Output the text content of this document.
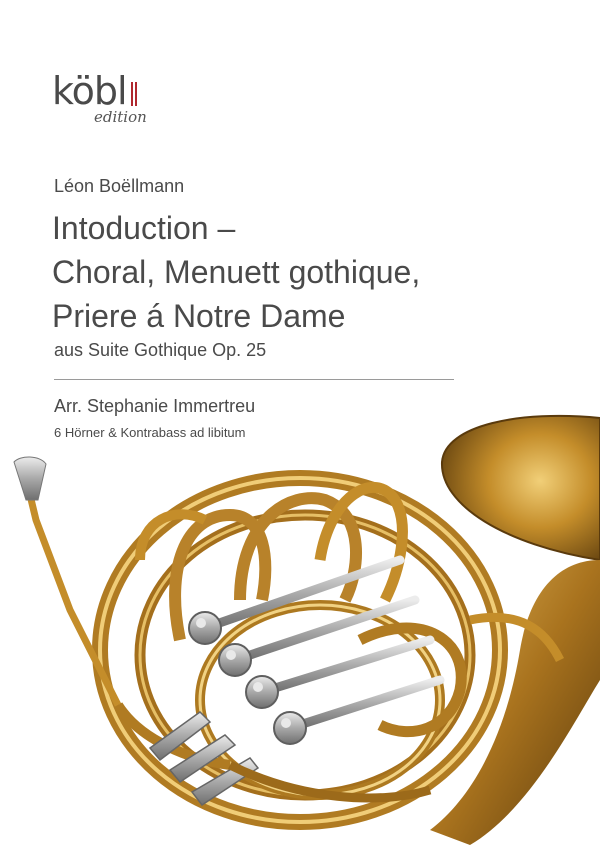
köbl
edition
Léon Boëllmann
Intoduction –
Choral, Menuett gothique,
Priere á Notre Dame
aus Suite Gothique Op. 25
Arr. Stephanie Immertreu
6 Hörner & Kontrabass ad libitum
